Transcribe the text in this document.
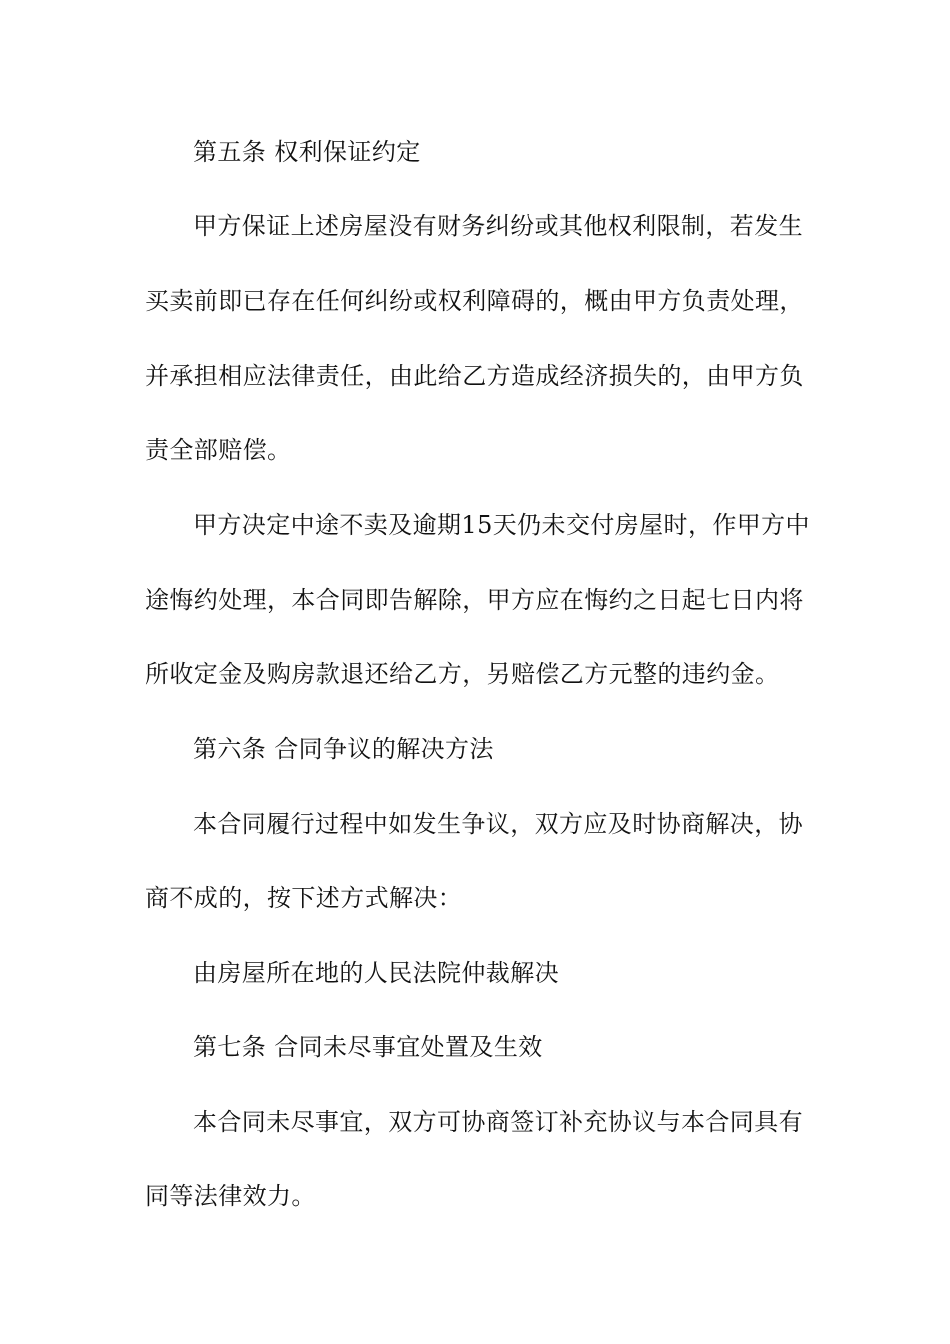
第五条 权利保证约定
甲方保证上述房屋没有财务纠纷或其他权利限制，若发生
买卖前即已存在任何纠纷或权利障碍的，概由甲方负责处理，
并承担相应法律责任，由此给乙方造成经济损失的，由甲方负
责全部赔偿。
甲方决定中途不卖及逾期15天仍未交付房屋时，作甲方中
途悔约处理，本合同即告解除，甲方应在悔约之日起七日内将
所收定金及购房款退还给乙方，另赔偿乙方元整的违约金。
第六条 合同争议的解决方法
本合同履行过程中如发生争议，双方应及时协商解决，协
商不成的，按下述方式解决：
由房屋所在地的人民法院仲裁解决
第七条 合同未尽事宜处置及生效
本合同未尽事宜，双方可协商签订补充协议与本合同具有
同等法律效力。
